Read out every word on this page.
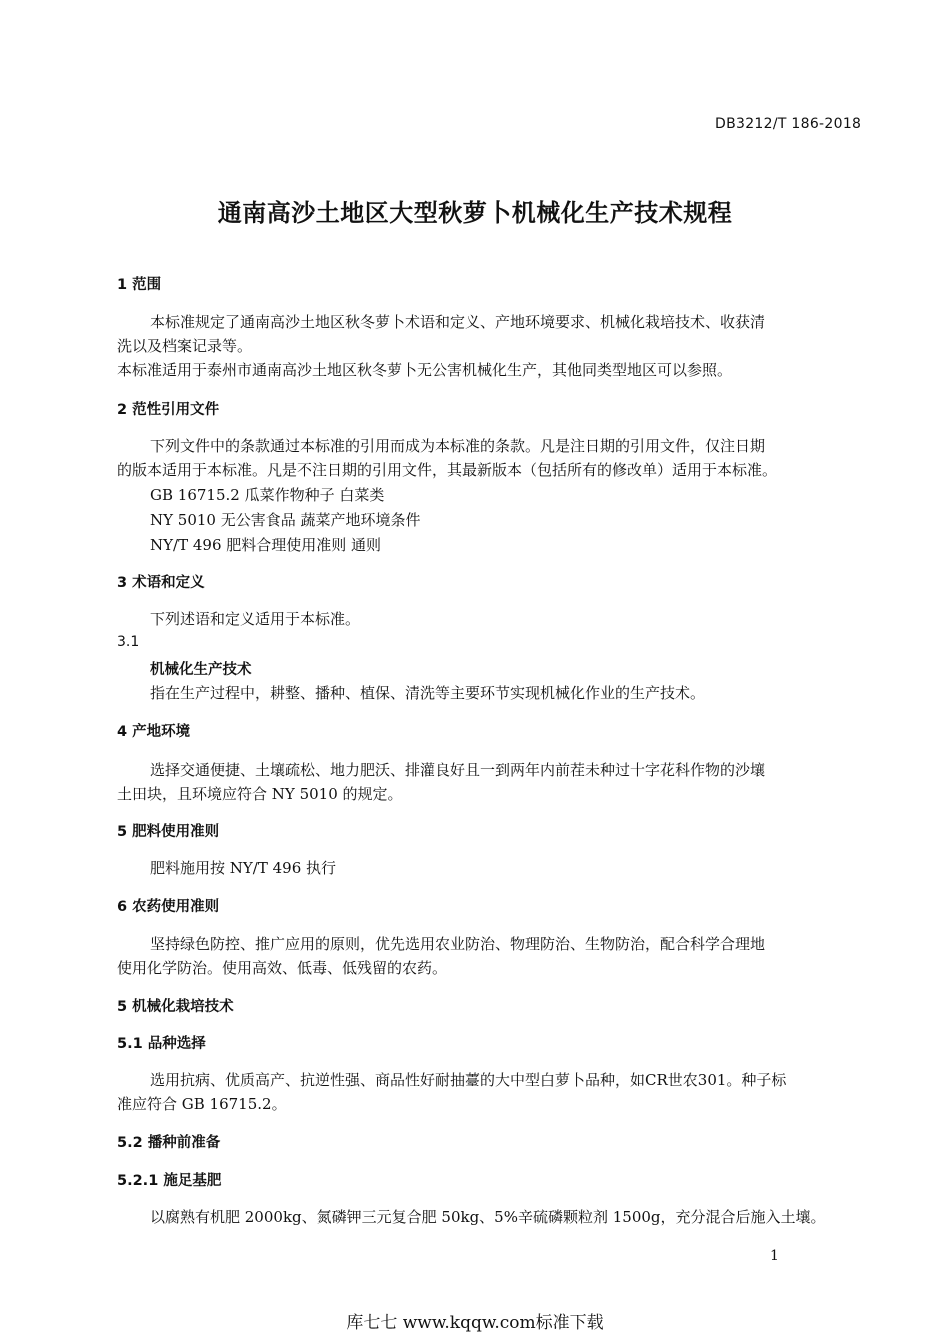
DB3212/T 186-2018
通南高沙土地区大型秋萝卜机械化生产技术规程
1 范围
本标准规定了通南高沙土地区秋冬萝卜术语和定义、产地环境要求、机械化栽培技术、收获清
洗以及档案记录等。
本标准适用于泰州市通南高沙土地区秋冬萝卜无公害机械化生产，其他同类型地区可以参照。
2 范性引用文件
下列文件中的条款通过本标准的引用而成为本标准的条款。凡是注日期的引用文件，仅注日期
的版本适用于本标准。凡是不注日期的引用文件，其最新版本（包括所有的修改单）适用于本标准。
GB 16715.2 瓜菜作物种子 白菜类
NY 5010 无公害食品 蔬菜产地环境条件
NY/T 496 肥料合理使用准则 通则
3 术语和定义
下列述语和定义适用于本标准。
3.1
机械化生产技术
指在生产过程中，耕整、播种、植保、清洗等主要环节实现机械化作业的生产技术。
4 产地环境
选择交通便捷、土壤疏松、地力肥沃、排灌良好且一到两年内前茬未种过十字花科作物的沙壤
土田块，且环境应符合 NY 5010 的规定。
5 肥料使用准则
肥料施用按 NY/T 496 执行
6 农药使用准则
坚持绿色防控、推广应用的原则，优先选用农业防治、物理防治、生物防治，配合科学合理地
使用化学防治。使用高效、低毒、低残留的农药。
5 机械化栽培技术
5.1 品种选择
选用抗病、优质高产、抗逆性强、商品性好耐抽薹的大中型白萝卜品种，如CR世农301。种子标
准应符合 GB 16715.2。
5.2 播种前准备
5.2.1 施足基肥
以腐熟有机肥 2000kg、氮磷钾三元复合肥 50kg、5%辛硫磷颗粒剂 1500g，充分混合后施入土壤。
1
库七七 www.kqqw.com标准下载
